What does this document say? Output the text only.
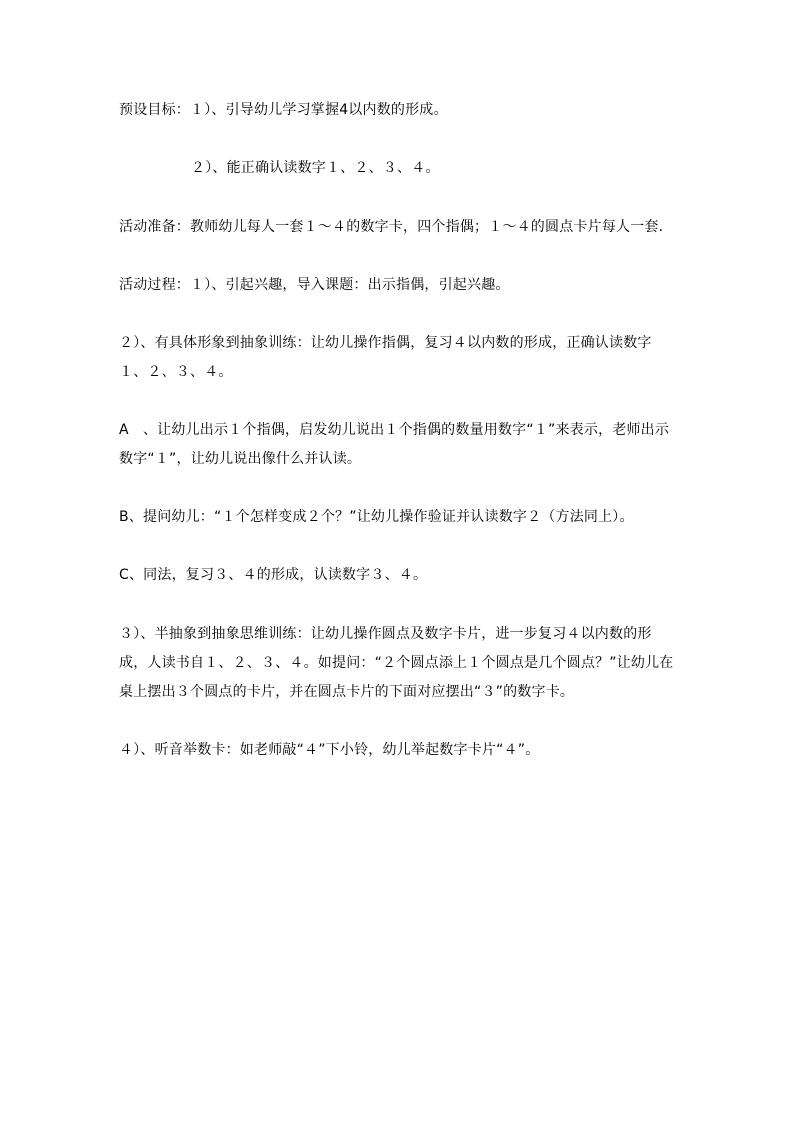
预设目标：１）、引导幼儿学习掌握4以内数的形成。

２）、能正确认读数字１、２、３、４。

活动准备：教师幼儿每人一套１～４的数字卡，四个指偶；１～４的圆点卡片每人一套．

活动过程：１）、引起兴趣，导入课题：出示指偶，引起兴趣。

２）、有具体形象到抽象训练：让幼儿操作指偶，复习４以内数的形成，正确认读数字１、２、３、４。

A　、让幼儿出示１个指偶，启发幼儿说出１个指偶的数量用数字“１”来表示，老师出示数字“１”，让幼儿说出像什么并认读。

B、提问幼儿：“１个怎样变成２个？”让幼儿操作验证并认读数字２（方法同上）。

C、同法，复习３、４的形成，认读数字３、４。

３）、半抽象到抽象思维训练：让幼儿操作圆点及数字卡片，进一步复习４以内数的形成，人读书自１、２、３、４。如提问：“２个圆点添上１个圆点是几个圆点？”让幼儿在桌上摆出３个圆点的卡片，并在圆点卡片的下面对应摆出“３”的数字卡。

４）、听音举数卡：如老师敲“４”下小铃，幼儿举起数字卡片“４”。
